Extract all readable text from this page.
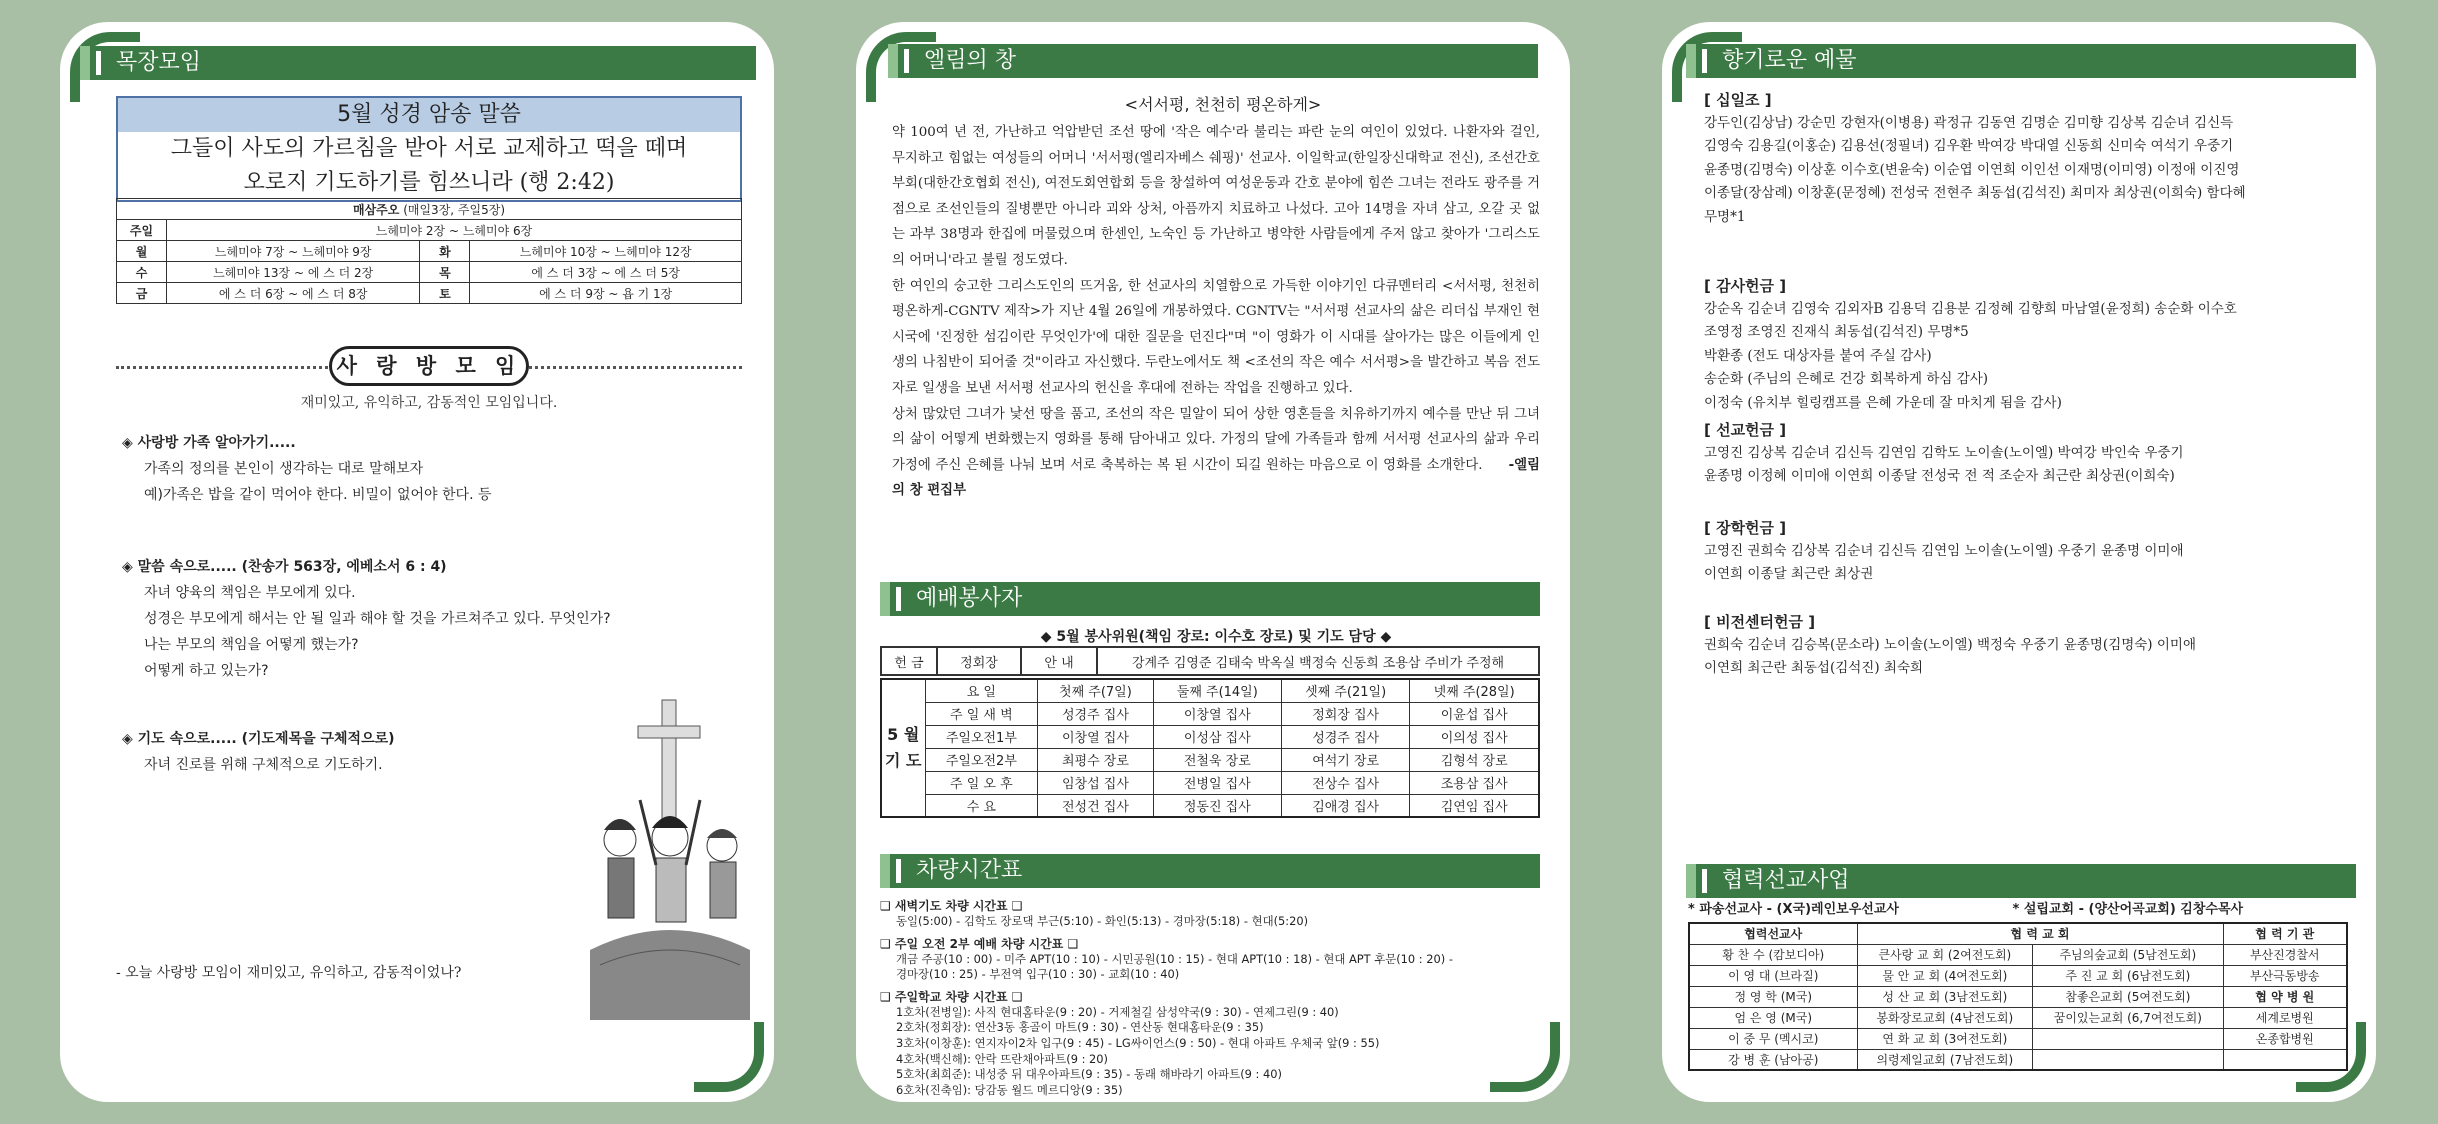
목장모임
5월 성경 암송 말씀
그들이 사도의 가르침을 받아 서로 교제하고 떡을 떼며
오로지 기도하기를 힘쓰니라 (행 2:42)
매삼주오 (매일3장, 주일5장)			
주일	느헤미야 2장 ~ 느헤미야 6장		
월	느헤미야 7장 ~ 느헤미야 9장	화	느헤미야 10장 ~ 느헤미야 12장
수	느헤미야 13장 ~ 에 스 더 2장	목	에 스 더 3장 ~ 에 스 더 5장
금	에 스 더 6장 ~ 에 스 더 8장	토	에 스 더 9장 ~ 욥 기 1장
사 랑 방 모 임
재미있고, 유익하고, 감동적인 모임입니다.
◈ 사랑방 가족 알아가기.....
가족의 정의를 본인이 생각하는 대로 말해보자
예)가족은 밥을 같이 먹어야 한다. 비밀이 없어야 한다. 등
◈ 말씀 속으로..... (찬송가 563장, 에베소서 6 : 4)
자녀 양육의 책임은 부모에게 있다.
성경은 부모에게 해서는 안 될 일과 해야 할 것을 가르쳐주고 있다. 무엇인가?
나는 부모의 책임을 어떻게 했는가?
어떻게 하고 있는가?
◈ 기도 속으로..... (기도제목을 구체적으로)
자녀 진로를 위해 구체적으로 기도하기.
- 오늘 사랑방 모임이 재미있고, 유익하고, 감동적이었나?
엘림의 창
<서서평, 천천히 평온하게>

약 100여 년 전, 가난하고 억압받던 조선 땅에 '작은 예수'라 불리는 파란 눈의 여인이 있었다. 나환자와 걸인, 무지하고 힘없는 여성들의 어머니 '서서평(엘리자베스 쉐핑)' 선교사. 이일학교(한일장신대학교 전신), 조선간호부회(대한간호협회 전신), 여전도회연합회 등을 창설하여 여성운동과 간호 분야에 힘쓴 그녀는 전라도 광주를 거점으로 조선인들의 질병뿐만 아니라 괴와 상처, 아픔까지 치료하고 나섰다. 고아 14명을 자녀 삼고, 오갈 곳 없는 과부 38명과 한집에 머물렀으며 한센인, 노숙인 등 가난하고 병약한 사람들에게 주저 않고 찾아가 '그리스도의 어머니'라고 불릴 정도였다.

한 여인의 숭고한 그리스도인의 뜨거움, 한 선교사의 치열함으로 가득한 이야기인 다큐멘터리 <서서평, 천천히 평온하게-CGNTV 제작>가 지난 4월 26일에 개봉하였다. CGNTV는 "서서평 선교사의 삶은 리더십 부재인 현 시국에 '진정한 섬김이란 무엇인가'에 대한 질문을 던진다"며 "이 영화가 이 시대를 살아가는 많은 이들에게 인생의 나침반이 되어줄 것"이라고 자신했다. 두란노에서도 책 <조선의 작은 예수 서서평>을 발간하고 복음 전도자로 일생을 보낸 서서평 선교사의 헌신을 후대에 전하는 작업을 진행하고 있다.

상처 많았던 그녀가 낯선 땅을 품고, 조선의 작은 밀알이 되어 상한 영혼들을 치유하기까지 예수를 만난 뒤 그녀의 삶이 어떻게 변화했는지 영화를 통해 담아내고 있다. 가정의 달에 가족들과 함께 서서평 선교사의 삶과 우리 가정에 주신 은혜를 나눠 보며 서로 축복하는 복 된 시간이 되길 원하는 마음으로 이 영화를 소개한다. -엘림의 창 편집부

예배봉사자
◆ 5월 봉사위원(책임 장로: 이수호 장로) 및 기도 담당 ◆
헌 금	정회장	안 내	강계주 김영준 김태숙 박옥실 백정숙 신동희 조용삼 주비가 주정해
5 월 기 도	요 일	첫째 주(7일)	둘째 주(14일)	셋째 주(21일)	넷째 주(28일)
	주 일 새 벽	성경주 집사	이창열 집사	정회장 집사	이윤섭 집사
	주일오전1부	이창열 집사	이성삼 집사	성경주 집사	이의성 집사
	주일오전2부	최평수 장로	전철욱 장로	여석기 장로	김형석 장로
	주 일 오 후	임창섭 집사	전병일 집사	전상수 집사	조용삼 집사
	수 요	전성건 집사	정동진 집사	김애경 집사	김연임 집사
차량시간표
❑ 새벽기도 차량 시간표 ❑
동일(5:00) - 김학도 장로댁 부근(5:10) - 화인(5:13) - 경마장(5:18) - 현대(5:20)
❑ 주일 오전 2부 예배 차량 시간표 ❑
개금 주공(10 : 00) - 미주 APT(10 : 10) - 시민공원(10 : 15) - 현대 APT(10 : 18) - 현대 APT 후문(10 : 20) -
경마장(10 : 25) - 부전역 입구(10 : 30) - 교회(10 : 40)
❑ 주일학교 차량 시간표 ❑
1호차(전병일): 사직 현대홈타운(9 : 20) - 거제철길 삼성약국(9 : 30) - 연제그린(9 : 40)
2호차(정회장): 연산3동 홍골이 마트(9 : 30) - 연산동 현대홈타운(9 : 35)
3호차(이창훈): 연지자이2차 입구(9 : 45) - LG싸이언스(9 : 50) - 현대 아파트 우체국 앞(9 : 55)
4호차(백신해): 안락 뜨란채아파트(9 : 20)
5호차(최희준): 내성중 뒤 대우아파트(9 : 35) - 동래 해바라기 아파트(9 : 40)
6호차(진축임): 당감동 월드 메르디앙(9 : 35)
향기로운 예물
[ 십일조 ]
강두인(김상남) 강순민 강현자(이병용) 곽정규 김동연 김명순 김미향 김상복 김순녀 김신득
김영숙 김용길(이홍순) 김용선(정필녀) 김우환 박여강 박대열 신동희 신미숙 여석기 우중기
윤종명(김명숙) 이상훈 이수호(변윤숙) 이순엽 이연희 이인선 이재명(이미영) 이정애 이진영
이종달(장삼례) 이창훈(문정혜) 전성국 전현주 최동섭(김석진) 최미자 최상권(이희숙) 함다혜
무명*1
[ 감사헌금 ]
강순옥 김순녀 김영숙 김외자B 김용덕 김용분 김정혜 김향희 마남열(윤정희) 송순화 이수호
조영정 조영진 진재식 최동섭(김석진) 무명*5
박환종 (전도 대상자를 붙여 주실 감사)
송순화 (주님의 은혜로 건강 회복하게 하심 감사)
이정숙 (유치부 힐링캠프를 은혜 가운데 잘 마치게 됨을 감사)
[ 선교헌금 ]
고영진 김상복 김순녀 김신득 김연임 김학도 노이솔(노이엘) 박여강 박인숙 우중기
윤종명 이정혜 이미애 이연희 이종달 전성국 전 적 조순자 최근란 최상권(이희숙)
[ 장학헌금 ]
고영진 권희숙 김상복 김순녀 김신득 김연임 노이솔(노이엘) 우중기 윤종명 이미애
이연희 이종달 최근란 최상권
[ 비전센터헌금 ]
권희숙 김순녀 김승복(문소라) 노이솔(노이엘) 백정숙 우중기 윤종명(김명숙) 이미애
이연희 최근란 최동섭(김석진) 최숙희
협력선교사업
* 파송선교사 - (X국)레인보우선교사	* 설립교회 - (양산어곡교회) 김창수목사
협력선교사	협 력 교 회		협 력 기 관
황 찬 수 (캄보디아)	큰사랑 교 회 (2여전도회)	주님의숲교회 (5남전도회)	부산진경찰서
이 영 대 (브라질)	물 안 교 회 (4여전도회)	주 진 교 회 (6남전도회)	부산극동방송
정 영 학 (M국)	성 산 교 회 (3남전도회)	참좋은교회 (5여전도회)	협 약 병 원
엄 은 영 (M국)	봉화장로교회 (4남전도회)	꿈이있는교회 (6,7여전도회)	세계로병원
이 중 무 (멕시코)	연 화 교 회 (3여전도회)		온종합병원
강 병 훈 (남아공)	의령제일교회 (7남전도회)		
